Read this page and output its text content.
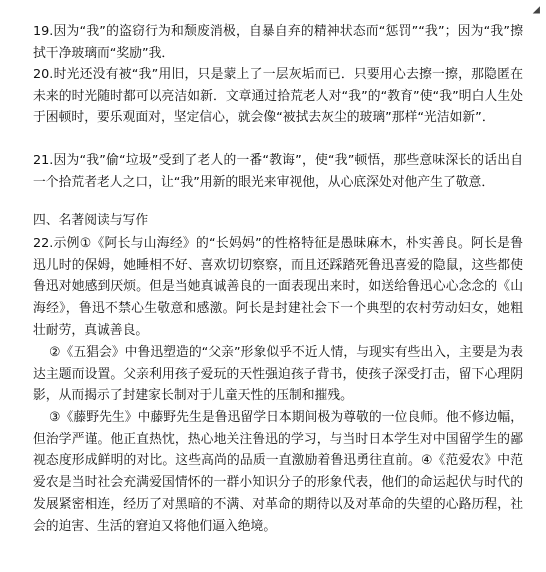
◢
19.因为“我”的盗窃行为和颓废消极，自暴自弃的精神状态而“惩罚”“我”；因为“我”擦拭干净玻璃而“奖励”我．
20.时光还没有被“我”用旧，只是蒙上了一层灰垢而已．只要用心去擦一擦，那隐匿在未来的时光随时都可以亮洁如新．文章通过拾荒老人对“我”的“教育”使“我”明白人生处于困顿时，要乐观面对，坚定信心，就会像“被拭去灰尘的玻璃”那样“光洁如新”．
21.因为“我”偷“垃圾”受到了老人的一番“教诲”，使“我”顿悟，那些意味深长的话出自一个拾荒者老人之口，让“我”用新的眼光来审视他，从心底深处对他产生了敬意．
四、名著阅读与写作
22.示例①《阿长与山海经》的“长妈妈”的性格特征是愚昧麻木，朴实善良。阿长是鲁迅儿时的保姆，她睡相不好、喜欢切切察察，而且还踩踏死鲁迅喜爱的隐鼠，这些都使鲁迅对她感到厌烦。但是当她真诚善良的一面表现出来时，如送给鲁迅心心念念的《山海经》，鲁迅不禁心生敬意和感激。阿长是封建社会下一个典型的农村劳动妇女，她粗壮耐劳，真诚善良。
②《五猖会》中鲁迅塑造的“父亲”形象似乎不近人情，与现实有些出入，主要是为表达主题而设置。父亲利用孩子爱玩的天性强迫孩子背书，使孩子深受打击，留下心理阴影，从而揭示了封建家长制对于儿童天性的压制和摧残。
③《藤野先生》中藤野先生是鲁迅留学日本期间极为尊敬的一位良师。他不修边幅，但治学严谨。他正直热忱，热心地关注鲁迅的学习，与当时日本学生对中国留学生的鄙视态度形成鲜明的对比。这些高尚的品质一直激励着鲁迅勇往直前。④《范爱农》中范爱农是当时社会充满爱国情怀的一群小知识分子的形象代表，他们的命运起伏与时代的发展紧密相连，经历了对黑暗的不满、对革命的期待以及对革命的失望的心路历程，社会的迫害、生活的窘迫又将他们逼入绝境。
